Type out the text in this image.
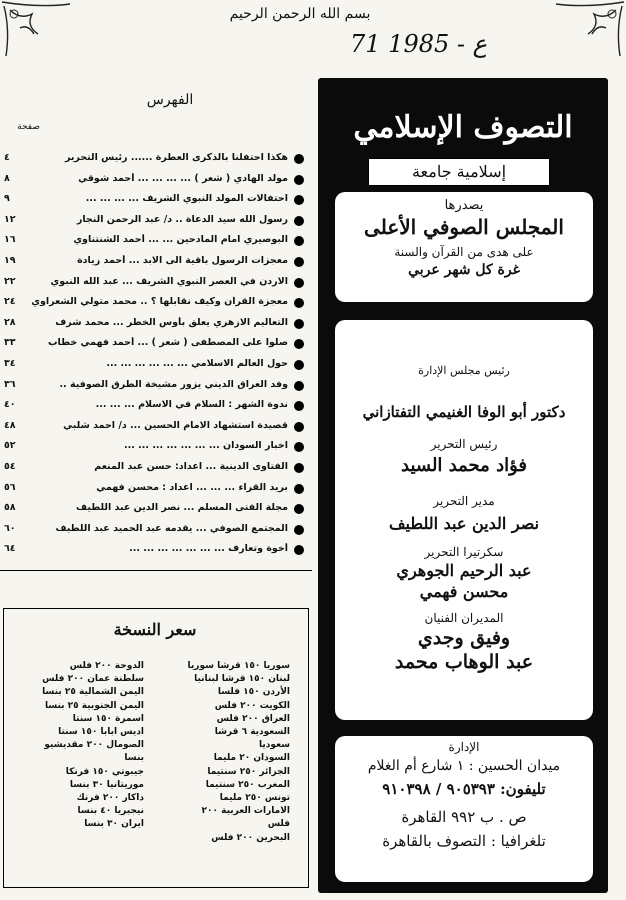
بسم الله الرحمن الرحيم
71 ع - 1985
التصوف الإسلامي
إسلامية جامعة
يصدرها
المجلس الصوفي الأعلى
على هدى من القرآن والسنة
غرة كل شهر عربي
رئيس مجلس الإدارة
دكتور أبو الوفا الغنيمي التفتازاني
رئيس التحرير
فؤاد محمد السيد
مدير التحرير
نصر الدين عبد اللطيف
سكرتيرا التحرير
عبد الرحيم الجوهري
محسن فهمي
المديران الفنيان
وفيق وجدي
عبد الوهاب محمد
الإدارة
ميدان الحسين : ١ شارع أم الغلام
تليفون: ٩٠٥٣٩٣ / ٩١٠٣٩٨
ص . ب ٩٩٢ القاهرة
تلغرافيا : التصوف بالقاهرة
الفهرس
صفحة
هكذا احتفلنا بالذكرى العطرة ...... رئيس التحرير
٤
مولد الهادي ( شعر ) ... ... ... ... أحمد شوقي
٨
احتفالات المولد النبوي الشريف ... ... ... ...
٩
رسول الله سيد الدعاة .. د/ عبد الرحمن النجار
١٢
البوصيري امام المادحين ... ... أحمد الشنتناوي
١٦
معجزات الرسول باقية الى الابد ... أحمد زيادة
١٩
الاردن في العصر النبوي الشريف ... عبد الله النبوي
٢٢
معجزة القرآن وكيف نقابلها ؟ .. محمد متولي الشعراوي
٢٤
التعاليم الازهري يعلق بأوس الخطر ... محمد شرف
٢٨
صلوا على المصطفى ( شعر ) ... أحمد فهمي خطاب
٣٣
حول العالم الاسلامي ... ... ... ... ... ...
٣٤
وفد العراق الديني يزور مشيخة الطرق الصوفية ..
٣٦
ندوة الشهر : السلام في الاسلام ... ... ...
٤٠
قصيدة استشهاد الامام الحسين ... د/ احمد شلبي
٤٨
اخبار السودان ... ... ... ... ... ... ...
٥٢
الفتاوى الدينية ... اعداد: حسن عبد المنعم
٥٤
بريد القراء ... ... ... اعداد : محسن فهمي
٥٦
مجلة الفتى المسلم ... نصر الدين عبد اللطيف
٥٨
المجتمع الصوفي ... يقدمه عبد الحميد عبد اللطيف
٦٠
أخوة وتعارف ... ... ... ... ... ... ...
٦٤
سعر النسخة
سوريا ١٥٠ قرشا سوريا
لبنان ١٥٠ قرشا لبنانيا
الأردن ١٥٠ فلسا
الكويت ٢٠٠ فلس
العراق ٢٠٠ فلس
السعودية ٦ قرشا
سعوديا
السودان ٢٠ مليما
الجزائر ٢٥٠ سنتيما
المغرب ٢٥٠ سنتيما
تونس ٢٥٠ مليما
الامارات العربية ٢٠٠
فلس
البحرين ٢٠٠ فلس
الدوحة ٢٠٠ فلس
سلطنة عمان ٢٠٠ فلس
اليمن الشمالية ٢٥ بنسا
اليمن الجنوبية ٢٥ بنسا
اسمرة ١٥٠ سنتا
اديس ابابا ١٥٠ سنتا
الصومال ٢٠٠ مقديشيو
بنسا
جيبوتي ١٥٠ فرنكا
موريتانيا ٣٠ بنسا
داكار ٢٠٠ فرنك
نيجيريا ٤٠ بنسا
ايران ٣٠ بنسا
